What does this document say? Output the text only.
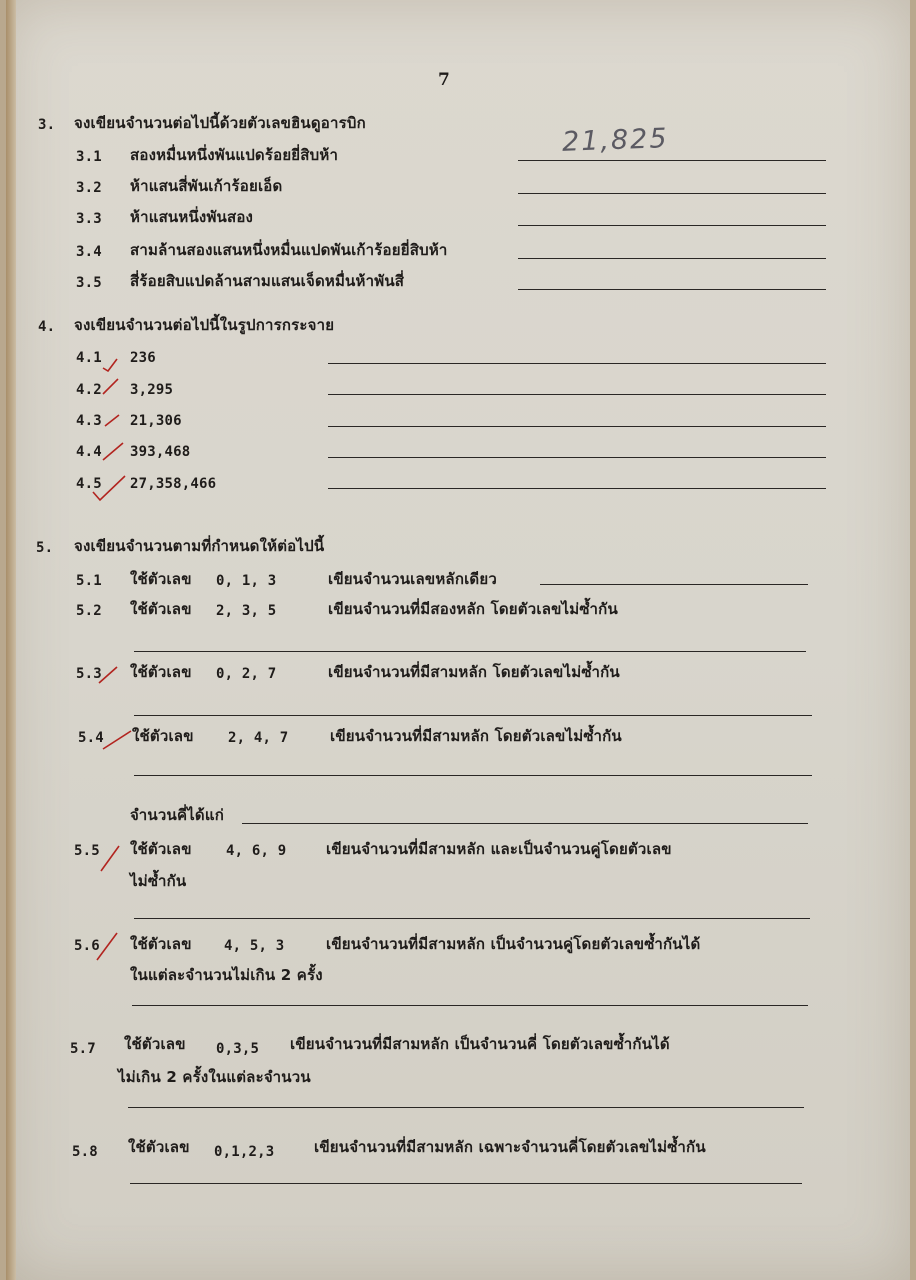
7
3. จงเขียนจำนวนต่อไปนี้ด้วยตัวเลขฮินดูอารบิก
21,825
3.1 สองหมื่นหนึ่งพันแปดร้อยยี่สิบห้า
3.2 ห้าแสนสี่พันเก้าร้อยเอ็ด
3.3 ห้าแสนหนึ่งพันสอง
3.4 สามล้านสองแสนหนึ่งหมื่นแปดพันเก้าร้อยยี่สิบห้า
3.5 สี่ร้อยสิบแปดล้านสามแสนเจ็ดหมื่นห้าพันสี่
4. จงเขียนจำนวนต่อไปนี้ในรูปการกระจาย
4.1 236
4.2 3,295
4.3 21,306
4.4 393,468
4.5 27,358,466
5. จงเขียนจำนวนตามที่กำหนดให้ต่อไปนี้
5.1 ใช้ตัวเลข 0, 1, 3	เขียนจำนวนเลขหลักเดียว
5.2 ใช้ตัวเลข 2, 3, 5	เขียนจำนวนที่มีสองหลัก โดยตัวเลขไม่ซ้ำกัน
5.3 ใช้ตัวเลข 0, 2, 7	เขียนจำนวนที่มีสามหลัก โดยตัวเลขไม่ซ้ำกัน
5.4 ใช้ตัวเลข 2, 4, 7	เขียนจำนวนที่มีสามหลัก โดยตัวเลขไม่ซ้ำกัน
จำนวนคี่ได้แก่
5.5 ใช้ตัวเลข 4, 6, 9	เขียนจำนวนที่มีสามหลัก และเป็นจำนวนคู่โดยตัวเลข
ไม่ซ้ำกัน
5.6 ใช้ตัวเลข 4, 5, 3	เขียนจำนวนที่มีสามหลัก เป็นจำนวนคู่โดยตัวเลขซ้ำกันได้
ในแต่ละจำนวนไม่เกิน 2 ครั้ง
5.7 ใช้ตัวเลข 0,3,5 เขียนจำนวนที่มีสามหลัก เป็นจำนวนคี่ โดยตัวเลขซ้ำกันได้
ไม่เกิน 2 ครั้งในแต่ละจำนวน
5.8 ใช้ตัวเลข 0,1,2,3	เขียนจำนวนที่มีสามหลัก เฉพาะจำนวนคี่โดยตัวเลขไม่ซ้ำกัน
